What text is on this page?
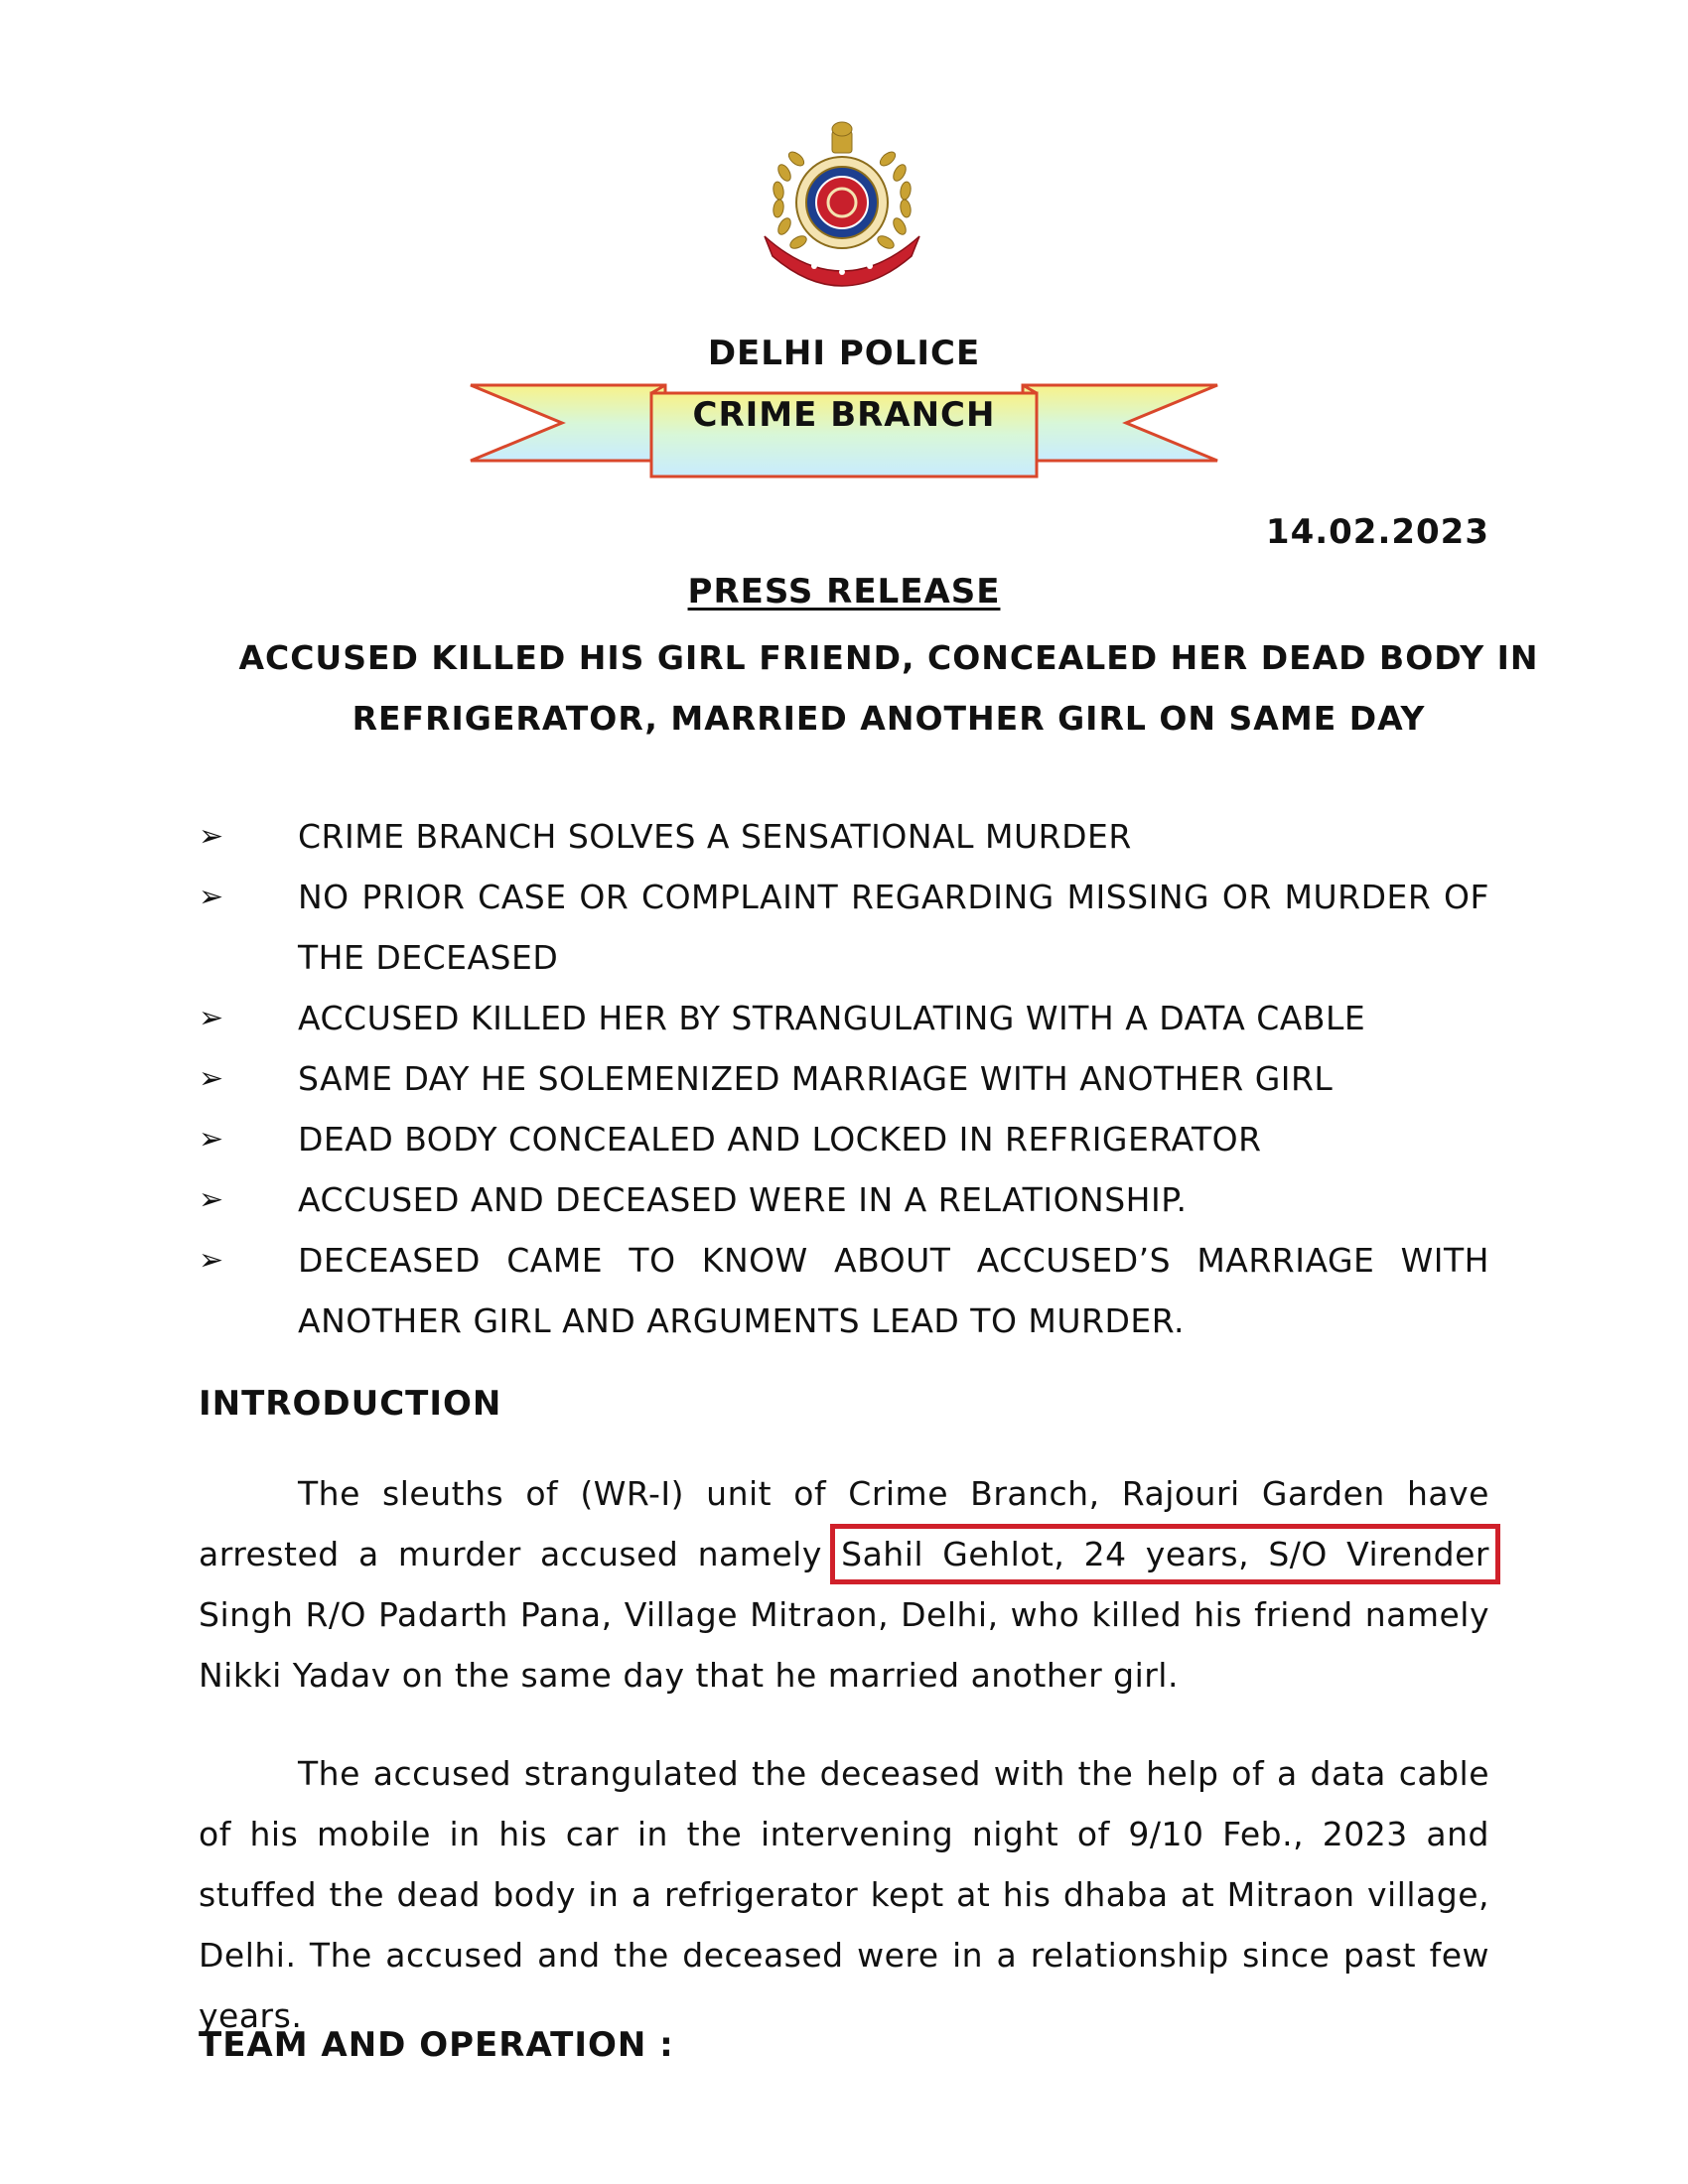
DELHI POLICE
CRIME BRANCH
14.02.2023
PRESS RELEASE
ACCUSED KILLED HIS GIRL FRIEND, CONCEALED HER DEAD BODY IN REFRIGERATOR, MARRIED ANOTHER GIRL ON SAME DAY
➢ CRIME BRANCH SOLVES A SENSATIONAL MURDER
➢ NO PRIOR CASE OR COMPLAINT REGARDING MISSING OR MURDER OF THE DECEASED
➢ ACCUSED KILLED HER BY STRANGULATING WITH A DATA CABLE
➢ SAME DAY HE SOLEMENIZED MARRIAGE WITH ANOTHER GIRL
➢ DEAD BODY CONCEALED AND LOCKED IN REFRIGERATOR
➢ ACCUSED AND DECEASED WERE IN A RELATIONSHIP.
➢ DECEASED CAME TO KNOW ABOUT ACCUSED’S MARRIAGE WITH ANOTHER GIRL AND ARGUMENTS LEAD TO MURDER.
INTRODUCTION

The sleuths of (WR-I) unit of Crime Branch, Rajouri Garden have arrested a murder accused namely Sahil Gehlot, 24 years, S/O Virender Singh R/O Padarth Pana, Village Mitraon, Delhi, who killed his friend namely Nikki Yadav on the same day that he married another girl.

The accused strangulated the deceased with the help of a data cable of his mobile in his car in the intervening night of 9/10 Feb., 2023 and stuffed the dead body in a refrigerator kept at his dhaba at Mitraon village, Delhi. The accused and the deceased were in a relationship since past few years.

TEAM AND OPERATION :
